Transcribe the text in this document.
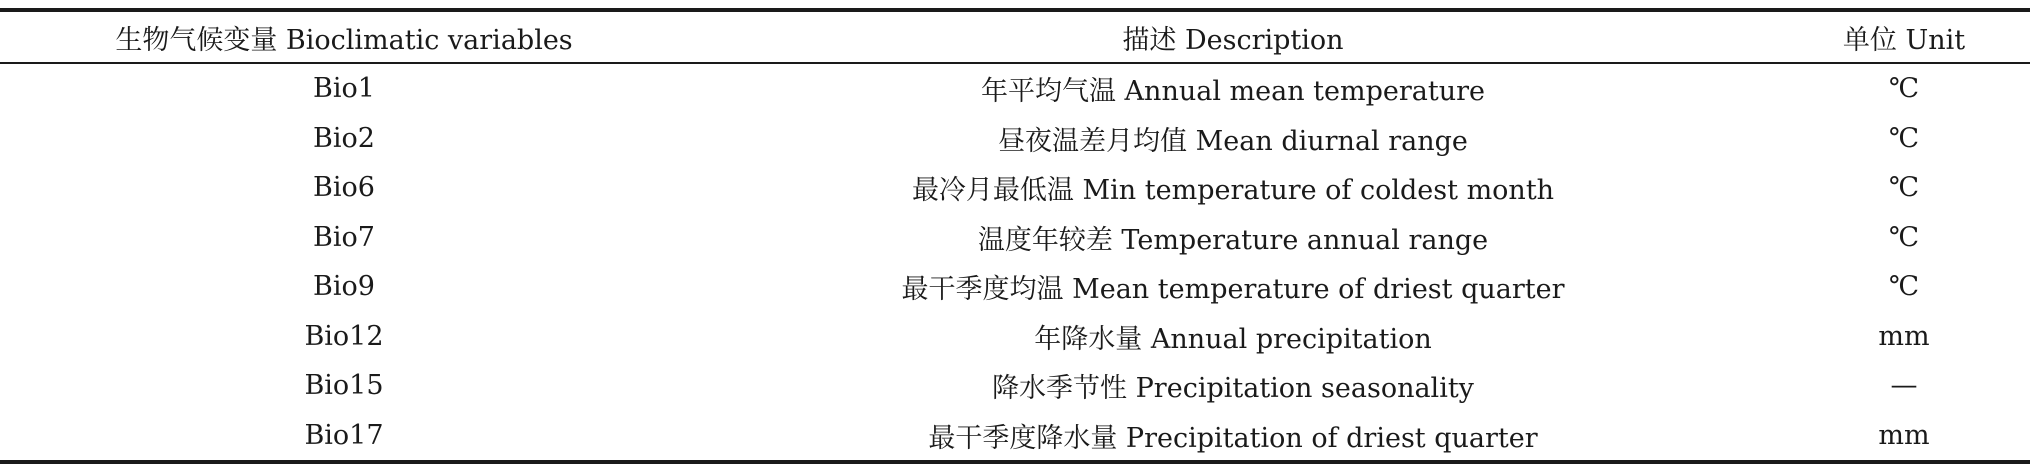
生物气候变量 Bioclimatic variables	描述 Description	单位 Unit
Bio1	年平均气温 Annual mean temperature	℃
Bio2	昼夜温差月均值 Mean diurnal range	℃
Bio6	最冷月最低温 Min temperature of coldest month	℃
Bio7	温度年较差 Temperature annual range	℃
Bio9	最干季度均温 Mean temperature of driest quarter	℃
Bio12	年降水量 Annual precipitation	mm
Bio15	降水季节性 Precipitation seasonality	—
Bio17	最干季度降水量 Precipitation of driest quarter	mm
